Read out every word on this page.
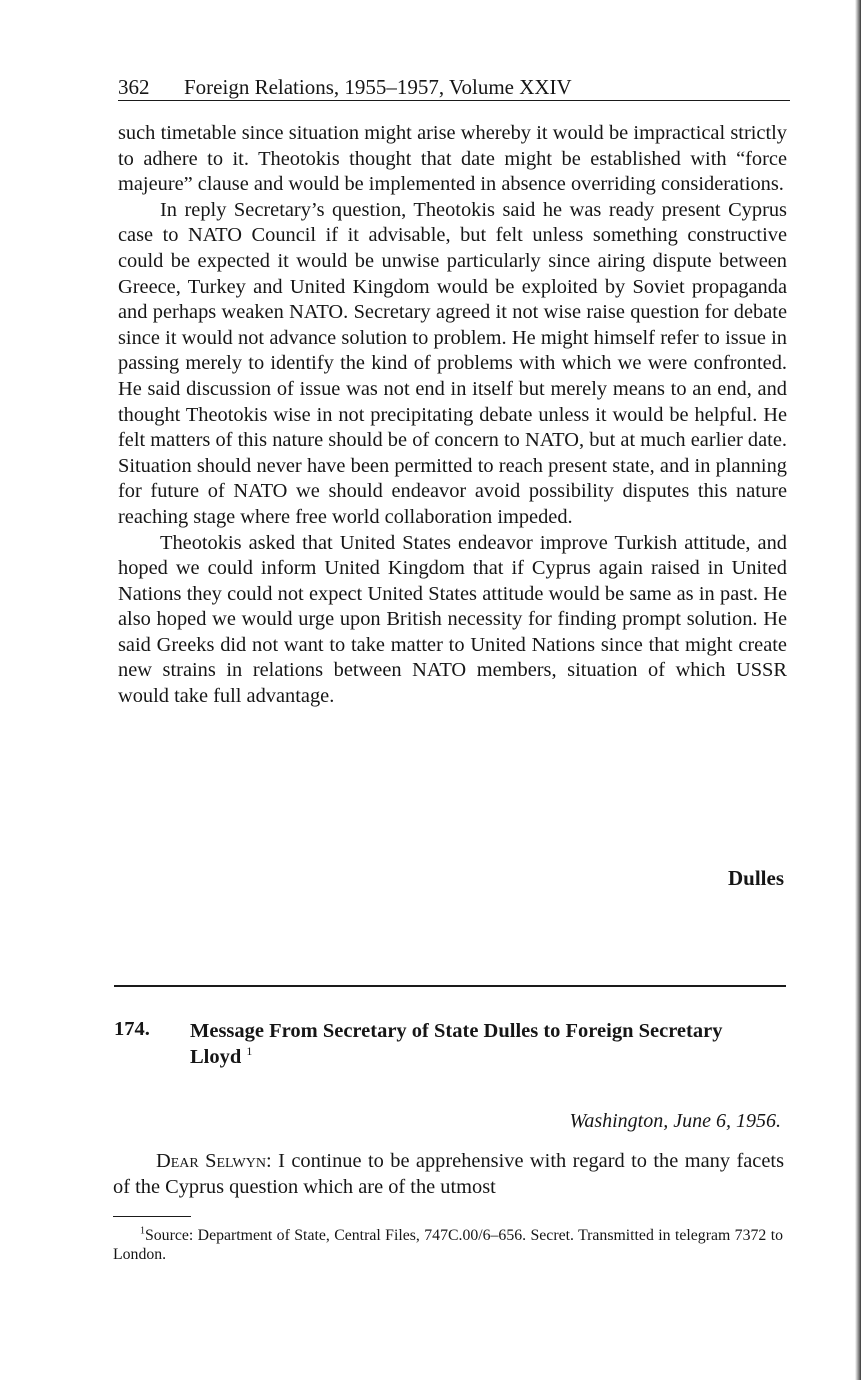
362 Foreign Relations, 1955–1957, Volume XXIV

such timetable since situation might arise whereby it would be impractical strictly to adhere to it. Theotokis thought that date might be established with “force majeure” clause and would be implemented in absence overriding considerations.

In reply Secretary’s question, Theotokis said he was ready present Cyprus case to NATO Council if it advisable, but felt unless something constructive could be expected it would be unwise particularly since airing dispute between Greece, Turkey and United Kingdom would be exploited by Soviet propaganda and perhaps weaken NATO. Secretary agreed it not wise raise question for debate since it would not advance solution to problem. He might himself refer to issue in passing merely to identify the kind of problems with which we were confronted. He said discussion of issue was not end in itself but merely means to an end, and thought Theotokis wise in not precipitating debate unless it would be helpful. He felt matters of this nature should be of concern to NATO, but at much earlier date. Situation should never have been permitted to reach present state, and in planning for future of NATO we should endeavor avoid possibility disputes this nature reaching stage where free world collaboration impeded.

Theotokis asked that United States endeavor improve Turkish attitude, and hoped we could inform United Kingdom that if Cyprus again raised in United Nations they could not expect United States attitude would be same as in past. He also hoped we would urge upon British necessity for finding prompt solution. He said Greeks did not want to take matter to United Nations since that might create new strains in relations between NATO members, situation of which USSR would take full advantage.

Dulles
174. Message From Secretary of State Dulles to Foreign Secretary Lloyd $^1$
Washington, June 6, 1956.

Dear Selwyn: I continue to be apprehensive with regard to the many facets of the Cyprus question which are of the utmost

$^1$Source: Department of State, Central Files, 747C.00/6–656. Secret. Transmitted in telegram 7372 to London.
